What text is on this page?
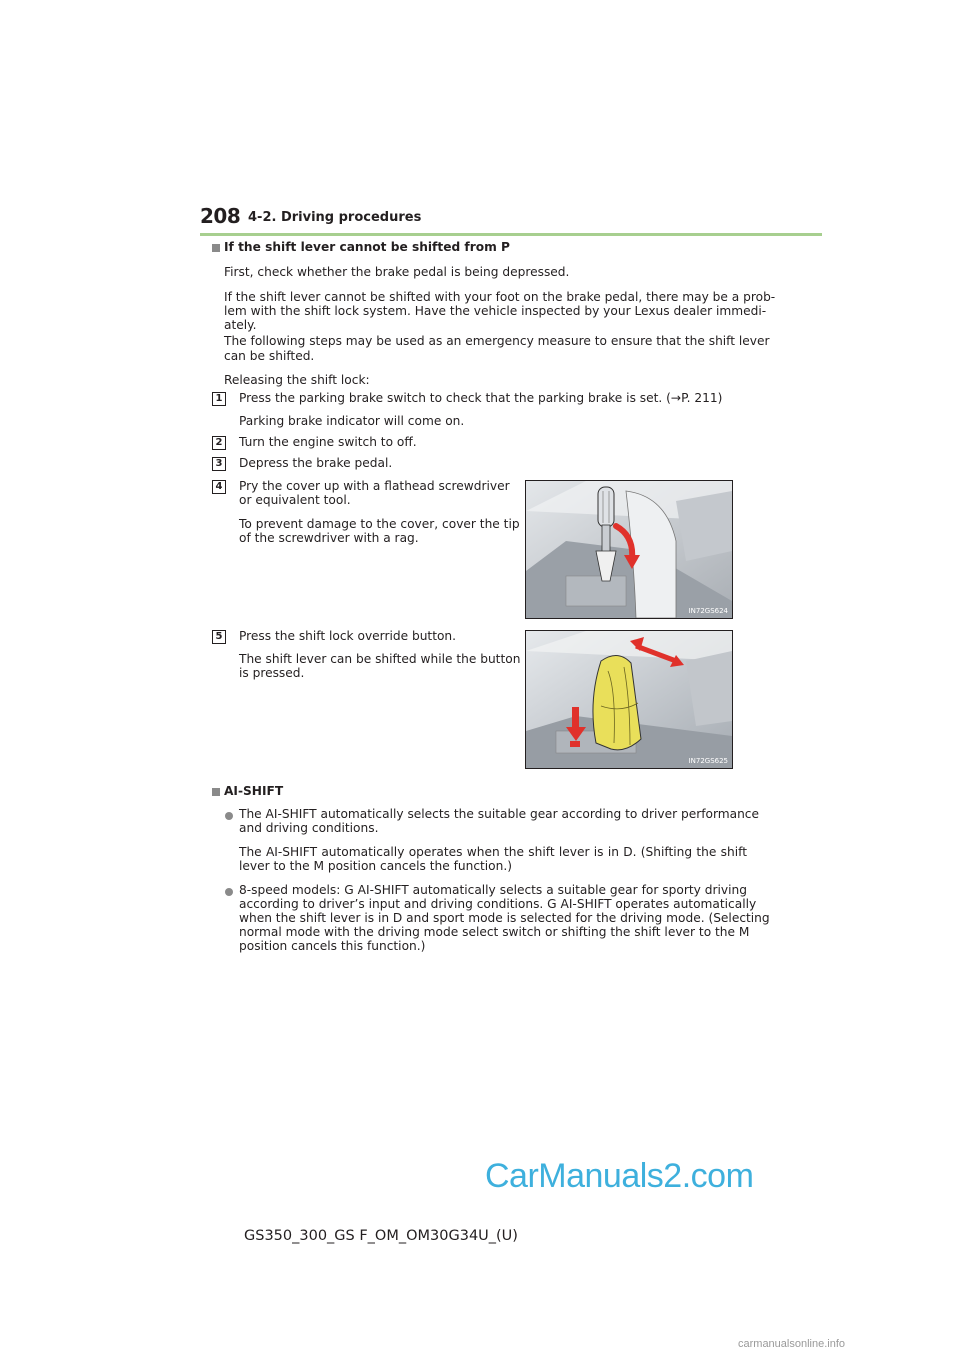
208 4-2. Driving procedures
If the shift lever cannot be shifted from P
First, check whether the brake pedal is being depressed.
If the shift lever cannot be shifted with your foot on the brake pedal, there may be a prob-
lem with the shift lock system. Have the vehicle inspected by your Lexus dealer immedi-
ately.
The following steps may be used as an emergency measure to ensure that the shift lever
can be shifted.
Releasing the shift lock:
1 Press the parking brake switch to check that the parking brake is set. (→P. 211)
Parking brake indicator will come on.
2 Turn the engine switch to off.
3 Depress the brake pedal.
4 Pry the cover up with a flathead screwdriver
or equivalent tool.
To prevent damage to the cover, cover the tip
of the screwdriver with a rag.
IN72GS624
5 Press the shift lock override button.
The shift lever can be shifted while the button
is pressed.
IN72GS625
AI-SHIFT
The AI-SHIFT automatically selects the suitable gear according to driver performance
and driving conditions.
The AI-SHIFT automatically operates when the shift lever is in D. (Shifting the shift
lever to the M position cancels the function.)
8-speed models: G AI-SHIFT automatically selects a suitable gear for sporty driving
according to driver’s input and driving conditions. G AI-SHIFT operates automatically
when the shift lever is in D and sport mode is selected for the driving mode. (Selecting
normal mode with the driving mode select switch or shifting the shift lever to the M
position cancels this function.)
CarManuals2.com
GS350_300_GS F_OM_OM30G34U_(U)
carmanualsonline.info
